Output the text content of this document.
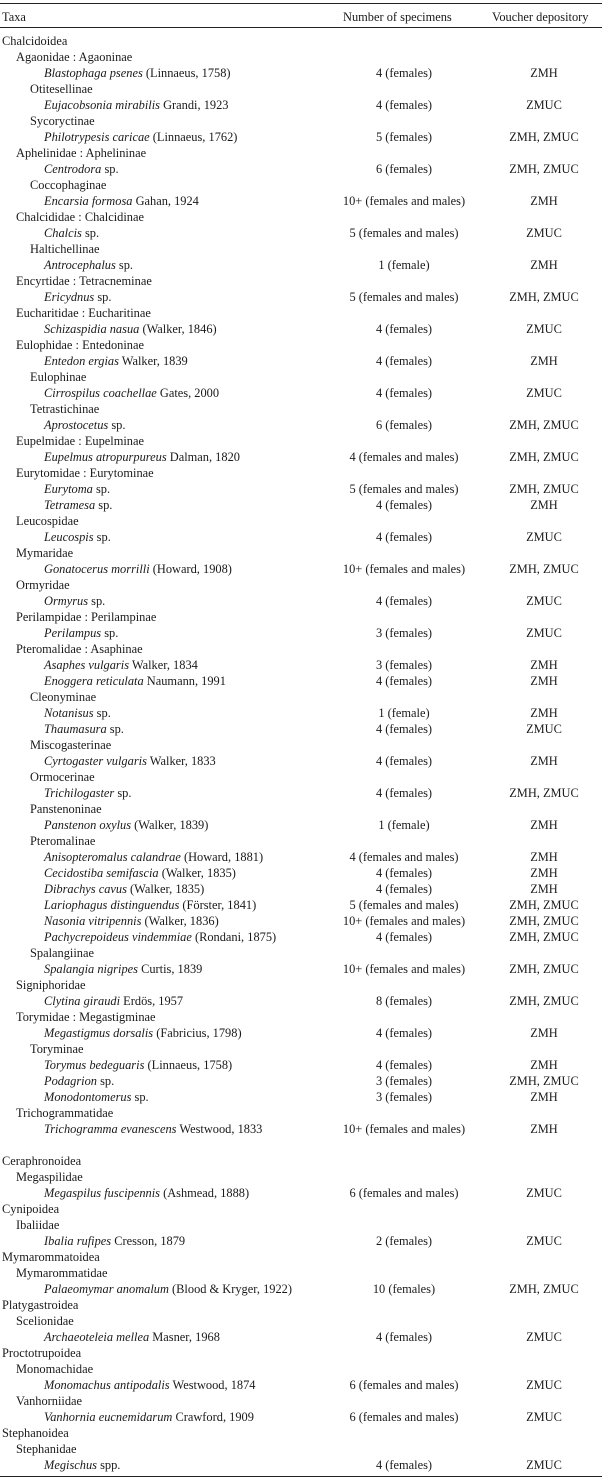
Taxa	Number of specimens	Voucher depository
Chalcidoidea
Agaonidae : Agaoninae
Blastophaga psenes (Linnaeus, 1758)	4 (females)	ZMH
Otitesellinae
Eujacobsonia mirabilis Grandi, 1923	4 (females)	ZMUC
Sycoryctinae
Philotrypesis caricae (Linnaeus, 1762)	5 (females)	ZMH, ZMUC
Aphelinidae : Aphelininae
Centrodora sp.	6 (females)	ZMH, ZMUC
Coccophaginae
Encarsia formosa Gahan, 1924	10+ (females and males)	ZMH
Chalcididae : Chalcidinae
Chalcis sp.	5 (females and males)	ZMUC
Haltichellinae
Antrocephalus sp.	1 (female)	ZMH
Encyrtidae : Tetracneminae
Ericydnus sp.	5 (females and males)	ZMH, ZMUC
Eucharitidae : Eucharitinae
Schizaspidia nasua (Walker, 1846)	4 (females)	ZMUC
Eulophidae : Entedoninae
Entedon ergias Walker, 1839	4 (females)	ZMH
Eulophinae
Cirrospilus coachellae Gates, 2000	4 (females)	ZMUC
Tetrastichinae
Aprostocetus sp.	6 (females)	ZMH, ZMUC
Eupelmidae : Eupelminae
Eupelmus atropurpureus Dalman, 1820	4 (females and males)	ZMH, ZMUC
Eurytomidae : Eurytominae
Eurytoma sp.	5 (females and males)	ZMH, ZMUC
Tetramesa sp.	4 (females)	ZMH
Leucospidae
Leucospis sp.	4 (females)	ZMUC
Mymaridae
Gonatocerus morrilli (Howard, 1908)	10+ (females and males)	ZMH, ZMUC
Ormyridae
Ormyrus sp.	4 (females)	ZMUC
Perilampidae : Perilampinae
Perilampus sp.	3 (females)	ZMUC
Pteromalidae : Asaphinae
Asaphes vulgaris Walker, 1834	3 (females)	ZMH
Enoggera reticulata Naumann, 1991	4 (females)	ZMH
Cleonyminae
Notanisus sp.	1 (female)	ZMH
Thaumasura sp.	4 (females)	ZMUC
Miscogasterinae
Cyrtogaster vulgaris Walker, 1833	4 (females)	ZMH
Ormocerinae
Trichilogaster sp.	4 (females)	ZMH, ZMUC
Panstenoninae
Panstenon oxylus (Walker, 1839)	1 (female)	ZMH
Pteromalinae
Anisopteromalus calandrae (Howard, 1881)	4 (females and males)	ZMH
Cecidostiba semifascia (Walker, 1835)	4 (females)	ZMH
Dibrachys cavus (Walker, 1835)	4 (females)	ZMH
Lariophagus distinguendus (Förster, 1841)	5 (females and males)	ZMH, ZMUC
Nasonia vitripennis (Walker, 1836)	10+ (females and males)	ZMH, ZMUC
Pachycrepoideus vindemmiae (Rondani, 1875)	4 (females)	ZMH, ZMUC
Spalangiinae
Spalangia nigripes Curtis, 1839	10+ (females and males)	ZMH, ZMUC
Signiphoridae
Clytina giraudi Erdös, 1957	8 (females)	ZMH, ZMUC
Torymidae : Megastigminae
Megastigmus dorsalis (Fabricius, 1798)	4 (females)	ZMH
Toryminae
Torymus bedeguaris (Linnaeus, 1758)	4 (females)	ZMH
Podagrion sp.	3 (females)	ZMH, ZMUC
Monodontomerus sp.	3 (females)	ZMH
Trichogrammatidae
Trichogramma evanescens Westwood, 1833	10+ (females and males)	ZMH
Ceraphronoidea
Megaspilidae
Megaspilus fuscipennis (Ashmead, 1888)	6 (females and males)	ZMUC
Cynipoidea
Ibaliidae
Ibalia rufipes Cresson, 1879	2 (females)	ZMUC
Mymarommatoidea
Mymarommatidae
Palaeomymar anomalum (Blood & Kryger, 1922)	10 (females)	ZMH, ZMUC
Platygastroidea
Scelionidae
Archaeoteleia mellea Masner, 1968	4 (females)	ZMUC
Proctotrupoidea
Monomachidae
Monomachus antipodalis Westwood, 1874	6 (females and males)	ZMUC
Vanhorniidae
Vanhornia eucnemidarum Crawford, 1909	6 (females and males)	ZMUC
Stephanoidea
Stephanidae
Megischus spp.	4 (females)	ZMUC
